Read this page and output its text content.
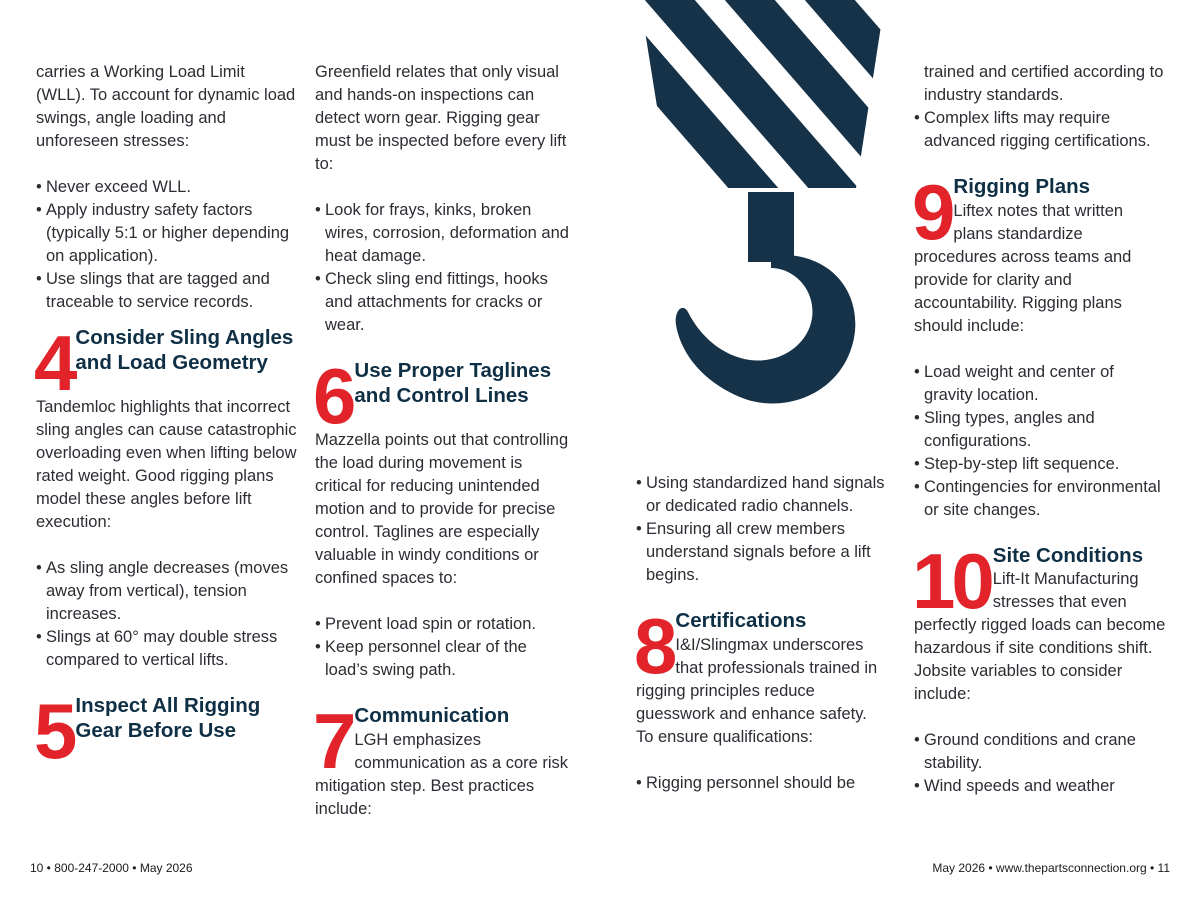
carries a Working Load Limit (WLL). To account for dynamic load swings, angle loading and unforeseen stresses:

• Never exceed WLL.
• Apply industry safety factors (typically 5:1 or higher depending on application).
• Use slings that are tagged and traceable to service records.
4 Consider Sling Angles and Load Geometry

Tandemloc highlights that incorrect sling angles can cause catastrophic overloading even when lifting below rated weight. Good rigging plans model these angles before lift execution:

• As sling angle decreases (moves away from vertical), tension increases.
• Slings at 60° may double stress compared to vertical lifts.
5 Inspect All Rigging Gear Before Use

Greenfield relates that only visual and hands-on inspections can detect worn gear. Rigging gear must be inspected before every lift to:

• Look for frays, kinks, broken wires, corrosion, deformation and heat damage.
• Check sling end fittings, hooks and attachments for cracks or wear.
6 Use Proper Taglines and Control Lines

Mazzella points out that controlling the load during movement is critical for reducing unintended motion and to provide for precise control. Taglines are especially valuable in windy conditions or confined spaces to:

• Prevent load spin or rotation.
• Keep personnel clear of the load’s swing path.
7 Communication
LGH emphasizes communication as a core risk mitigation step. Best practices include:
• Using standardized hand signals or dedicated radio channels.
• Ensuring all crew members understand signals before a lift begins.
8 Certifications
I&I/Slingmax underscores that professionals trained in rigging principles reduce guesswork and enhance safety. To ensure qualifications:
• Rigging personnel should be
trained and certified according to industry standards.
• Complex lifts may require advanced rigging certifications.
9 Rigging Plans
Liftex notes that written plans standardize procedures across teams and provide for clarity and accountability. Rigging plans should include:
• Load weight and center of gravity location.
• Sling types, angles and configurations.
• Step-by-step lift sequence.
• Contingencies for environmental or site changes.
10 Site Conditions
Lift-It Manufacturing stresses that even perfectly rigged loads can become hazardous if site conditions shift. Jobsite variables to consider include:
• Ground conditions and crane stability.
• Wind speeds and weather
10 • 800-247-2000 • May 2026	May 2026 • www.thepartsconnection.org • 11
